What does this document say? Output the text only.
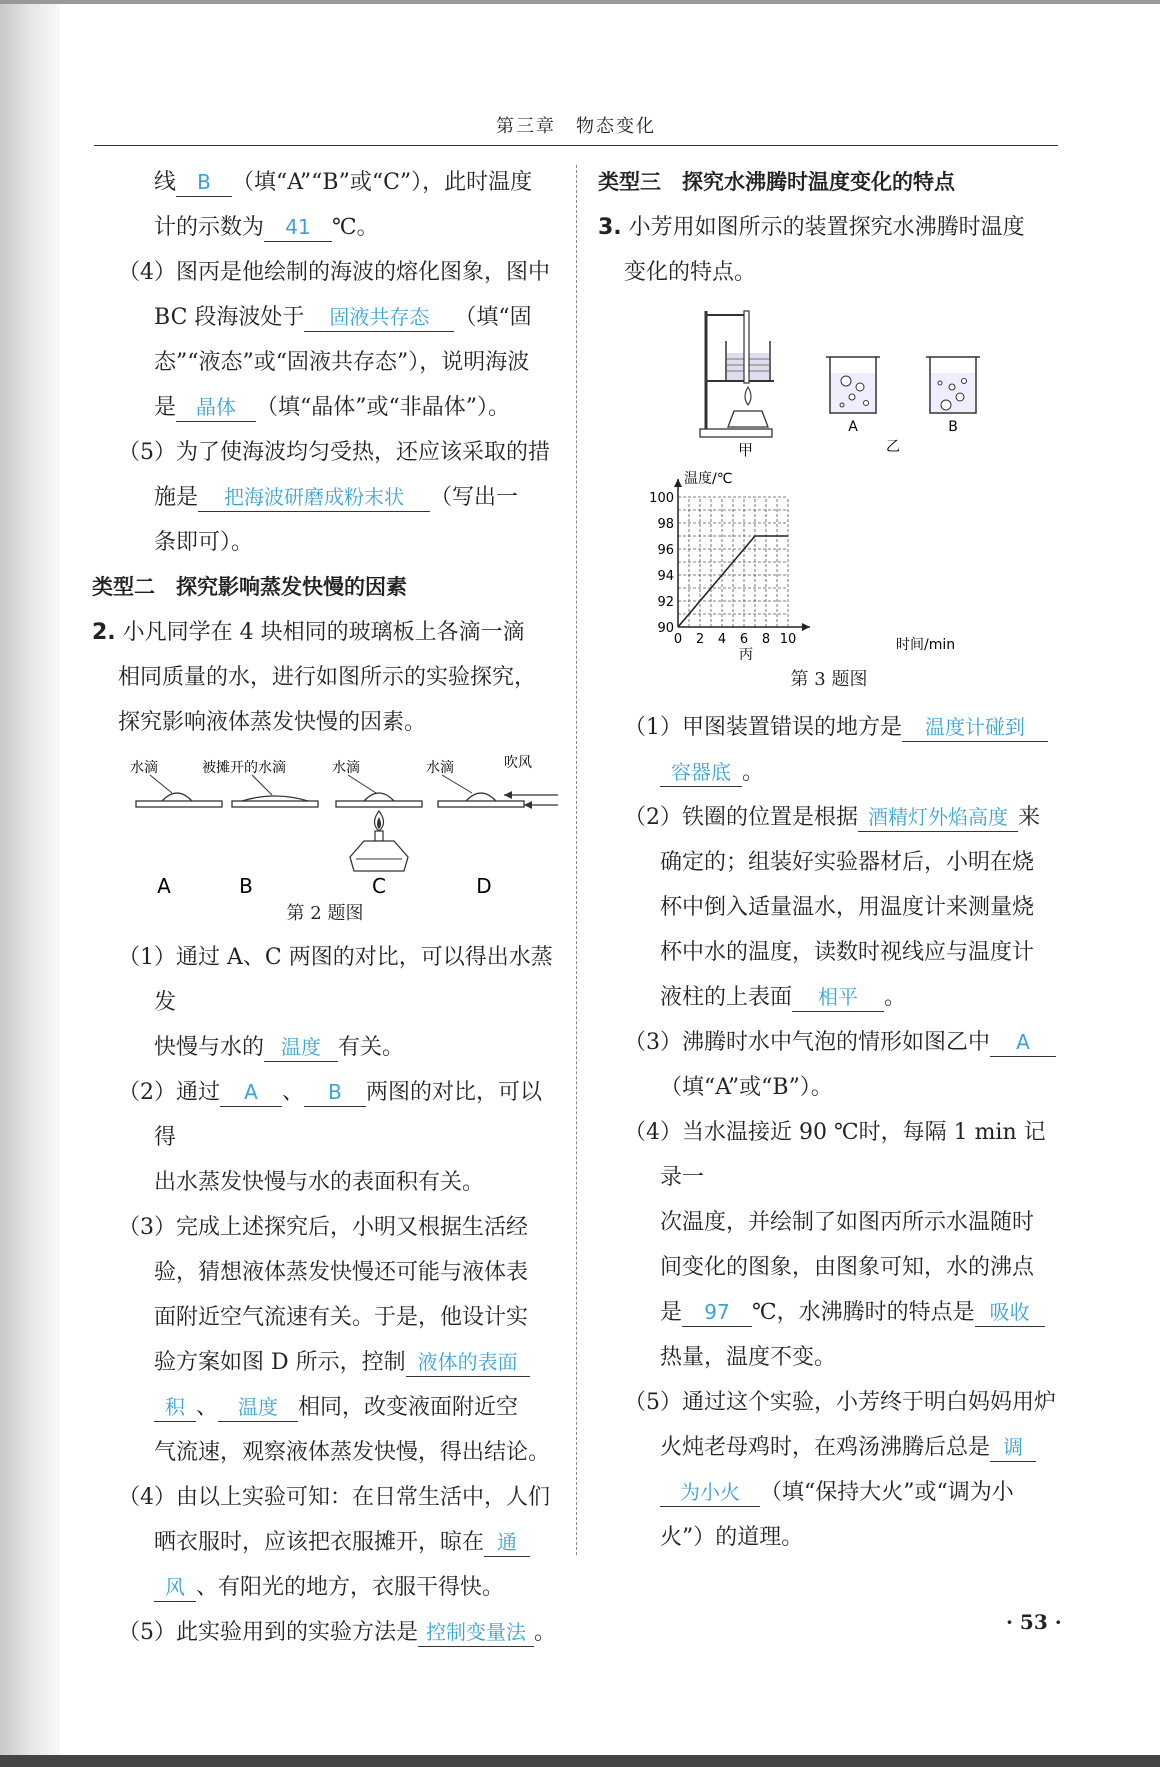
第三章　物态变化

线 B （填“A”“B”或“C”），此时温度

计的示数为 41 ℃。

（4）图丙是他绘制的海波的熔化图象，图中
BC 段海波处于 固液共存态 （填“固
态”“液态”或“固液共存态”），说明海波
是 晶体 （填“晶体”或“非晶体”）。

（5）为了使海波均匀受热，还应该采取的措
施是 把海波研磨成粉末状 （写出一
条即可）。

类型二　探究影响蒸发快慢的因素

2. 小凡同学在 4 块相同的玻璃板上各滴一滴
相同质量的水，进行如图所示的实验探究，
探究影响液体蒸发快慢的因素。

水滴	被摊开的水滴	水滴	水滴	吹风
A	B	C	D

第 2 题图

（1）通过 A、C 两图的对比，可以得出水蒸发
快慢与水的 温度 有关。

（2）通过 A 、 B 两图的对比，可以得
出水蒸发快慢与水的表面积有关。

（3）完成上述探究后，小明又根据生活经
验，猜想液体蒸发快慢还可能与液体表
面附近空气流速有关。于是，他设计实
验方案如图 D 所示，控制 液体的表面
积 、 温度 相同，改变液面附近空
气流速，观察液体蒸发快慢，得出结论。

（4）由以上实验可知：在日常生活中，人们
晒衣服时，应该把衣服摊开，晾在 通
风 、有阳光的地方，衣服干得快。

（5）此实验用到的实验方法是 控制变量法 。

类型三　探究水沸腾时温度变化的特点

3. 小芳用如图所示的装置探究水沸腾时温度
变化的特点。

甲
A	B
乙
温度/℃
时间/min
丙
0 2 4 6 8 10
90
92
94
96
98
100

第 3 题图

（1）甲图装置错误的地方是 温度计碰到
容器底 。

（2）铁圈的位置是根据 酒精灯外焰高度 来
确定的；组装好实验器材后，小明在烧
杯中倒入适量温水，用温度计来测量烧
杯中水的温度，读数时视线应与温度计
液柱的上表面 相平 。

（3）沸腾时水中气泡的情形如图乙中 A
（填“A”或“B”）。

（4）当水温接近 90 ℃时，每隔 1 min 记录一
次温度，并绘制了如图丙所示水温随时
间变化的图象，由图象可知，水的沸点
是 97 ℃，水沸腾时的特点是 吸收
热量，温度不变。

（5）通过这个实验，小芳终于明白妈妈用炉
火炖老母鸡时，在鸡汤沸腾后总是 调
为小火 （填“保持大火”或“调为小
火”）的道理。

· 53 ·
